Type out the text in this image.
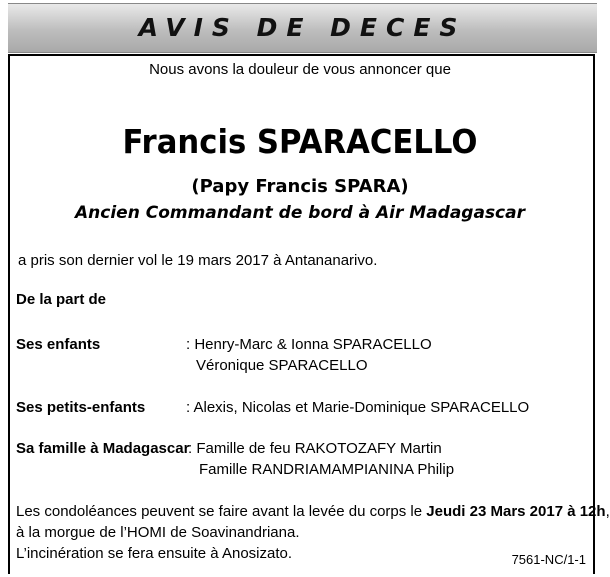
AVIS DE DECES
Nous avons la douleur de vous annoncer que
Francis SPARACELLO
(Papy Francis SPARA)
Ancien Commandant de bord à Air Madagascar
a pris son dernier vol le 19 mars 2017 à Antananarivo.
De la part de
Ses enfants	: Henry-Marc & Ionna SPARACELLO
Véronique SPARACELLO
Ses petits-enfants	: Alexis, Nicolas et Marie-Dominique SPARACELLO
Sa famille à Madagascar
: Famille de feu RAKOTOZAFY Martin
Famille RANDRIAMAMPIANINA Philip
Les condoléances peuvent se faire avant la levée du corps le Jeudi 23 Mars 2017 à 12h,
à la morgue de l’HOMI de Soavinandriana.
L’incinération se fera ensuite à Anosizato.	7561-NC/1-1
